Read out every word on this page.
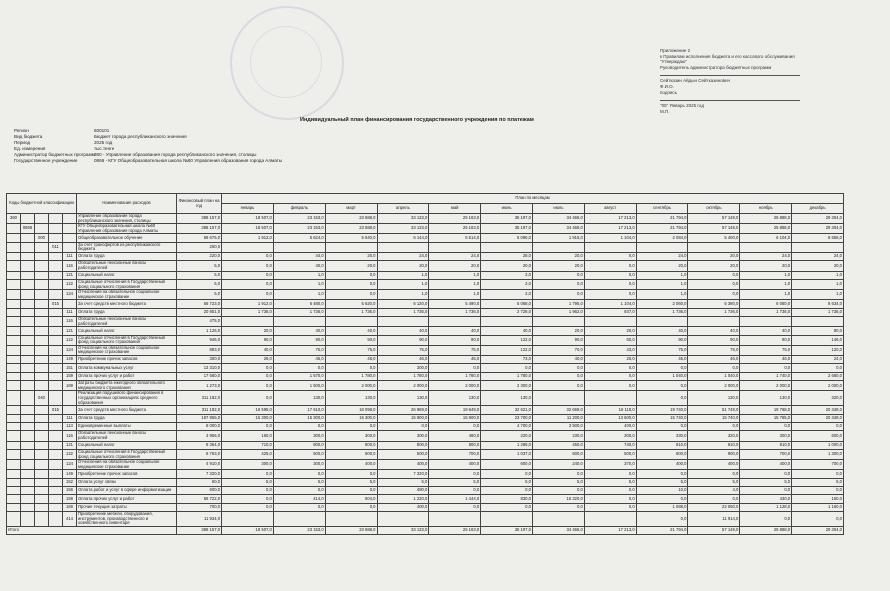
Приложение 2
к Правилам исполнения бюджета и его кассового обслуживания
"Утверждаю"
Руководитель администратора бюджетных программ
Сейтказин Айдын Сейтказинович
Ф.И.О.
подпись
"05" Январь 2025 год
М.П.
Индивидуальный план финансирования государственного учреждения по платежам
Регион	600101
Вид бюджета	Бюджет города республиканского значения
Период	2025 год
Ед. измерения	тыс.тенге
Администратор бюджетных программ 360 - Управление образования города республиканского значения, столицы
Государственное учреждение	0868 - КГУ Общеобразовательная школа №60 Управления образования города Алматы
Коды бюджетной классификации					Наименование расходов	Финансовый план на год	План по месяцам											
							январь	февраль	март	апрель	май	июнь	июль	август	сентябрь	октябрь	ноябрь	декабрь
360					Управление образования города республиканского значения, столицы	388 157,0	18 507,0	23 153,0	23 688,0	33 133,0	25 163,0	35 197,0	34 466,0	17 213,0	21 794,0	57 148,0	25 888,0	29 304,0
	0868				КГУ Общеобразовательная школа №60 Управления образования города Алматы	388 157,0	18 507,0	23 153,0	23 688,0	33 133,0	25 163,0	35 197,0	34 466,0	17 213,0	21 794,0	57 148,0	25 888,0	29 304,0
		000			Общеобразовательное обучение	66 675,0	1 912,0	5 624,0	5 640,0	6 144,0	5 514,0	5 096,0	1 915,0	1 104,0	2 084,0	5 400,0	6 104,0	8 658,0
			011		За счет трансфертов из республиканского бюджета	250,0												
				111	Оплата труда	220,0	0,0	44,0	20,0	24,0	24,0	28,0	20,0	0,0	24,0	20,0	24,0	24,0
				116	Обязательные пенсионные взносы работодателей	5,0	0,0	40,0	20,0	20,0	20,0	20,0	20,0	0,0	20,0	20,0	20,0	20,0
				121	Социальный налог	5,0	0,0	1,0	0,0	1,0	1,0	2,0	0,0	0,0	1,0	0,0	1,0	1,0
				122	Социальные отчисления в Государственный фонд социального страхования	5,0	0,0	1,0	0,0	1,0	1,0	2,0	0,0	0,0	1,0	0,0	1,0	1,0
				124	Отчисления на обязательное социальное медицинское страхование	5,0	0,0	1,0	0,0	1,0	1,0	2,0	0,0	0,0	1,0	0,0	1,0	1,0
			015		За счет средств местного бюджета	56 723,0	1 912,0	5 480,0	5 620,0	6 120,0	5 490,0	5 068,0	1 795,0	1 104,0	2 060,0	5 380,0	6 080,0	8 634,0
				111	Оплата труда	20 851,0	1 736,0	1 736,0	1 736,0	1 736,0	1 736,0	2 728,0	1 962,0	937,0	1 736,0	1 736,0	1 736,0	1 736,0
				116	Обязательные пенсионные взносы работодателей	475,0												
				121	Социальный налог	1 126,0	20,0	40,0	40,0	40,0	40,0	40,0	20,0	20,0	40,0	40,0	40,0	80,0
				122	Социальные отчисления в Государственный фонд социального страхования	946,0	90,0	90,0	90,0	90,0	90,0	122,0	90,0	60,0	90,0	90,0	90,0	146,0
				124	Отчисления на обязательное социальное медицинское страхование	883,0	40,0	75,0	75,0	75,0	75,0	122,0	70,0	43,0	75,0	75,0	75,0	120,0
				149	Приобретение прочих запасов	300,0	26,0	46,0	46,0	46,0	46,0	73,0	40,0	26,0	46,0	46,0	46,0	24,0
				151	Оплата коммунальных услуг	13 310,0	0,0	0,0	0,0	300,0	0,0	0,0	0,0	0,0	0,0	0,0	0,0	0,0
				159	Оплата прочих услуг и работ	17 560,0	0,0	1 570,0	1 780,0	1 780,0	1 780,0	1 780,0	0,0	0,0	1 040,0	1 040,0	1 740,0	2 660,0
				169	Затраты бюджета ежегодного обязательного медицинского страхования	1 273,0	0,0	1 500,0	2 000,0	2 000,0	2 000,0	2 300,0	0,0	0,0	0,0	2 000,0	2 000,0	2 000,0
		040			Реализация подушевого финансирования в государственных организациях среднего образования	311 182,0	0,0	130,0	130,0	130,0	130,0	130,0			0,0	130,0	130,0	320,0
			015		За счет средств местного бюджета	311 182,0	16 595,0	17 610,0	18 098,0	26 989,0	19 649,0	32 621,0	32 669,0	16 118,0	19 740,0	51 748,0	19 768,0	20 348,0
				111	Оплата труда	187 955,0	15 300,0	15 300,0	15 300,0	15 900,0	15 900,0	23 700,0	11 200,0	13 600,0	15 740,0	15 740,0	15 785,0	20 348,0
				113	Единовременные выплаты	8 000,0	0,0	0,0	0,0	0,0	0,0	4 700,0	3 500,0	400,0	0,0	0,0	0,0	0,0
				116	Обязательные пенсионные взносы работодателей	3 956,0	160,0	300,0	300,0	300,0	460,0	220,0	230,0	300,0	330,0	320,0	300,0	600,0
				121	Социальный налог	8 364,0	710,0	800,0	800,0	800,0	800,0	1 288,0	450,0	740,0	810,0	810,0	810,0	1 000,0
				122	Социальные отчисления в Государственный фонд социального страхования	6 763,0	425,0	500,0	600,0	500,0	700,0	1 037,0	600,0	500,0	600,0	900,0	700,0	1 300,0
				124	Отчисления на обязательное социальное медицинское страхование	4 910,0	300,0	300,0	400,0	400,0	400,0	600,0	240,0	370,0	400,0	400,0	400,0	700,0
				149	Приобретение прочих запасов	7 320,0	0,0	0,0	0,0	7 320,0	0,0	0,0	0,0	0,0	0,0	0,0	0,0	0,0
				152	Оплата услуг связи	60,0	5,0	5,0	5,0	5,0	5,0	5,0	5,0	5,0	5,0	5,0	5,0	5,0
				156	Оплата работ и услуг в сфере информатизации	600,0	0,0	0,0	0,0	480,0	0,0	0,0	0,0	0,0	10,0	4,0	0,0	0,0
				159	Оплата прочих услуг и работ	56 722,0	0,0	414,0	604,0	1 220,0	1 444,0	830,0	16 320,0	0,0	0,0	0,0	430,0	150,0
				169	Прочие текущие затраты	700,0	0,0	0,0	0,0	400,0	0,0	0,0	0,0	0,0	1 088,0	22 050,0	1 128,0	1 160,0
				414	Приобретение мебели, оборудования, инструментов, производственного и хозяйственного инвентаря	11 934,0									0,0	11 914,0	0,0	0,0
Итого						388 157,0	18 507,0	23 153,0	23 688,0	33 133,0	25 163,0	35 197,0	34 466,0	17 213,0	21 794,0	57 148,0	25 888,0	29 304,0
